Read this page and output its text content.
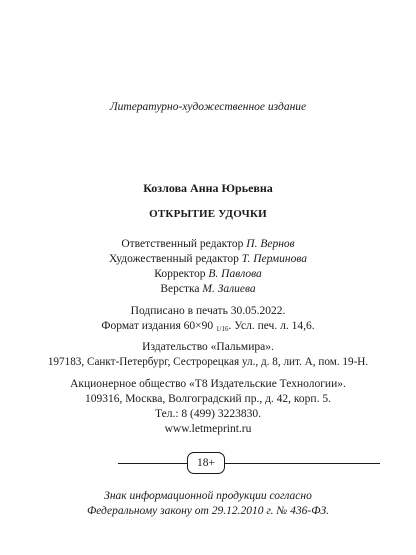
Литературно-художественное издание
Козлова Анна Юрьевна
ОТКРЫТИЕ УДОЧКИ
Ответственный редактор П. Вернов
Художественный редактор Т. Перминова
Корректор В. Павлова
Верстка М. Залиева
Подписано в печать 30.05.2022.
Формат издания 60×90 $_{1/16}$. Усл. печ. л. 14,6.
Издательство «Пальмира».
197183, Санкт-Петербург, Сестрорецкая ул., д. 8, лит. А, пом. 19-Н.
Акционерное общество «Т8 Издательские Технологии».
109316, Москва, Волгоградский пр., д. 42, корп. 5.
Тел.: 8 (499) 3223830.
www.letmeprint.ru
18+
Знак информационной продукции согласно
Федеральному закону от 29.12.2010 г. № 436-ФЗ.
